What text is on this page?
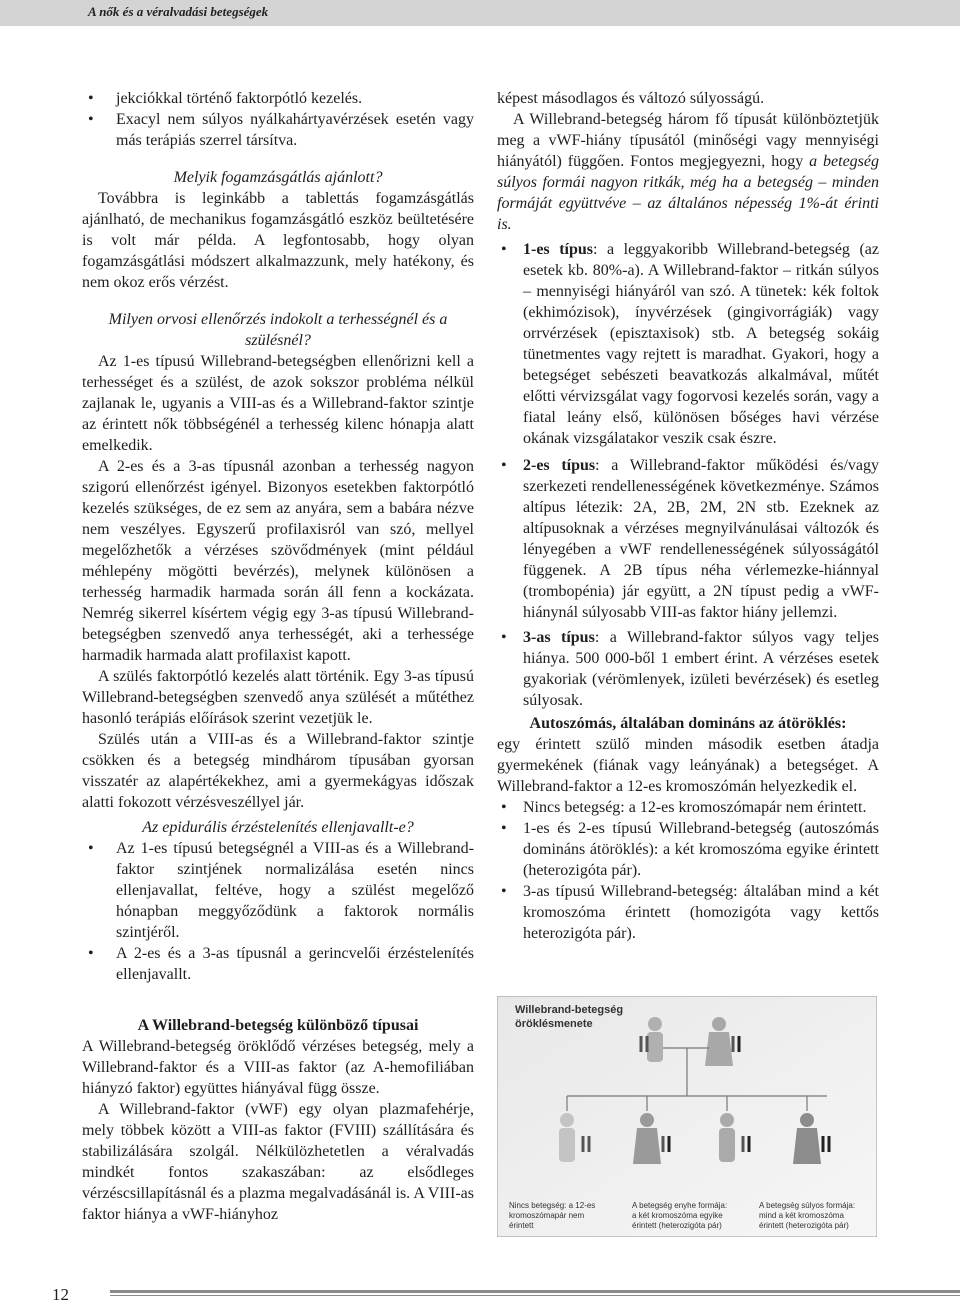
A nők és a véralvadási betegségek
• jekciókkal történő faktorpótló kezelés.
• Exacyl nem súlyos nyálkahártyavérzések esetén vagy más terápiás szerrel társítva.

Melyik fogamzásgátlás ajánlott?

Továbbra is leginkább a tablettás fogamzásgátlás ajánlható, de mechanikus fogamzásgátló eszköz beültetésére is volt már példa. A legfontosabb, hogy olyan fogamzásgátlási módszert alkalmazzunk, mely hatékony, és nem okoz erős vérzést.

Milyen orvosi ellenőrzés indokolt a terhességnél és a szülésnél?

Az 1-es típusú Willebrand-betegségben ellenőrizni kell a terhességet és a szülést, de azok sokszor probléma nélkül zajlanak le, ugyanis a VIII-as és a Willebrand-faktor szintje az érintett nők többségénél a terhesség kilenc hónapja alatt emelkedik.

A 2-es és a 3-as típusnál azonban a terhesség nagyon szigorú ellenőrzést igényel. Bizonyos esetekben faktorpótló kezelés szükséges, de ez sem az anyára, sem a babára nézve nem veszélyes. Egyszerű profilaxisról van szó, mellyel megelőzhetők a vérzéses szövődmények (mint például méhlepény mögötti bevérzés), melynek különösen a terhesség harmadik harmada során áll fenn a kockázata. Nemrég sikerrel kísértem végig egy 3-as típusú Willebrand-betegségben szenvedő anya terhességét, aki a terhessége harmadik harmada alatt profilaxist kapott.

A szülés faktorpótló kezelés alatt történik. Egy 3-as típusú Willebrand-betegségben szenvedő anya szülését a műtéthez hasonló terápiás előírások szerint vezetjük le.

Szülés után a VIII-as és a Willebrand-faktor szintje csökken és a betegség mindhárom típusában gyorsan visszatér az alapértékekhez, ami a gyermekágyas időszak alatti fokozott vérzésveszéllyel jár.

Az epidurális érzéstelenítés ellenjavallt-e?

• Az 1-es típusú betegségnél a VIII-as és a Willebrand-faktor szintjének normalizálása esetén nincs ellenjavallat, feltéve, hogy a szülést megelőző hónapban meggyőződünk a faktorok normális szintjéről.
• A 2-es és a 3-as típusnál a gerincvelői érzéstelenítés ellenjavallt.

A Willebrand-betegség különböző típusai

A Willebrand-betegség öröklődő vérzéses betegség, mely a Willebrand-faktor és a VIII-as faktor (az A-hemofiliában hiányzó faktor) együttes hiányával függ össze.

A Willebrand-faktor (vWF) egy olyan plazmafehérje, mely többek között a VIII-as faktor (FVIII) szállítására és stabilizálására szolgál. Nélkülözhetetlen a véralvadás mindkét fontos szakaszában: az elsődleges vérzéscsillapításnál és a plazma megalvadásánál is. A VIII-as faktor hiánya a vWF-hiányhoz

képest másodlagos és változó súlyosságú.

A Willebrand-betegség három fő típusát különböztetjük meg a vWF-hiány típusától (minőségi vagy mennyiségi hiányától) függően. Fontos megjegyezni, hogy a betegség súlyos formái nagyon ritkák, még ha a betegség – minden formáját együttvéve – az általános népesség 1%-át érinti is.

• 1-es típus: a leggyakoribb Willebrand-betegség (az esetek kb. 80%-a). A Willebrand-faktor – ritkán súlyos – mennyiségi hiányáról van szó. A tünetek: kék foltok (ekhimózisok), ínyvérzések (gingivorrágiák) vagy orrvérzések (episztaxisok) stb. A betegség sokáig tünetmentes vagy rejtett is maradhat. Gyakori, hogy a betegséget sebészeti beavatkozás alkalmával, műtét előtti vérvizsgálat vagy fogorvosi kezelés során, vagy a fiatal leány első, különösen bőséges havi vérzése okának vizsgálatakor veszik csak észre.
• 2-es típus: a Willebrand-faktor működési és/vagy szerkezeti rendellenességének következménye. Számos altípus létezik: 2A, 2B, 2M, 2N stb. Ezeknek az altípusoknak a vérzéses megnyilvánulásai változók és lényegében a vWF rendellenességének súlyosságától függenek. A 2B típus néha vérlemezke-hiánnyal (trombopénia) jár együtt, a 2N típust pedig a vWF-hiánynál súlyosabb VIII-as faktor hiány jellemzi.
• 3-as típus: a Willebrand-faktor súlyos vagy teljes hiánya. 500 000-ből 1 embert érint. A vérzéses esetek gyakoriak (vérömlenyek, izületi bevérzések) és esetleg súlyosak.

Autoszómás, általában domináns az átöröklés:

egy érintett szülő minden második esetben átadja gyermekének (fiának vagy leányának) a betegséget. A Willebrand-faktor a 12-es kromoszómán helyezkedik el.

• Nincs betegség: a 12-es kromoszómapár nem érintett.
• 1-es és 2-es típusú Willebrand-betegség (autoszómás domináns átöröklés): a két kromoszóma egyike érintett (heterozigóta pár).
• 3-as típusú Willebrand-betegség: általában mind a két kromoszóma érintett (homozigóta vagy kettős heterozigóta pár).
Willebrand-betegség
öröklésmenete
Nincs betegség: a 12-es
kromoszómapár nem
érintett
A betegség enyhe formája:
a két kromoszóma egyike
érintett (heterozigóta pár)
A betegség súlyos formája:
mind a két kromoszóma
érintett (heterozigóta pár)
12
